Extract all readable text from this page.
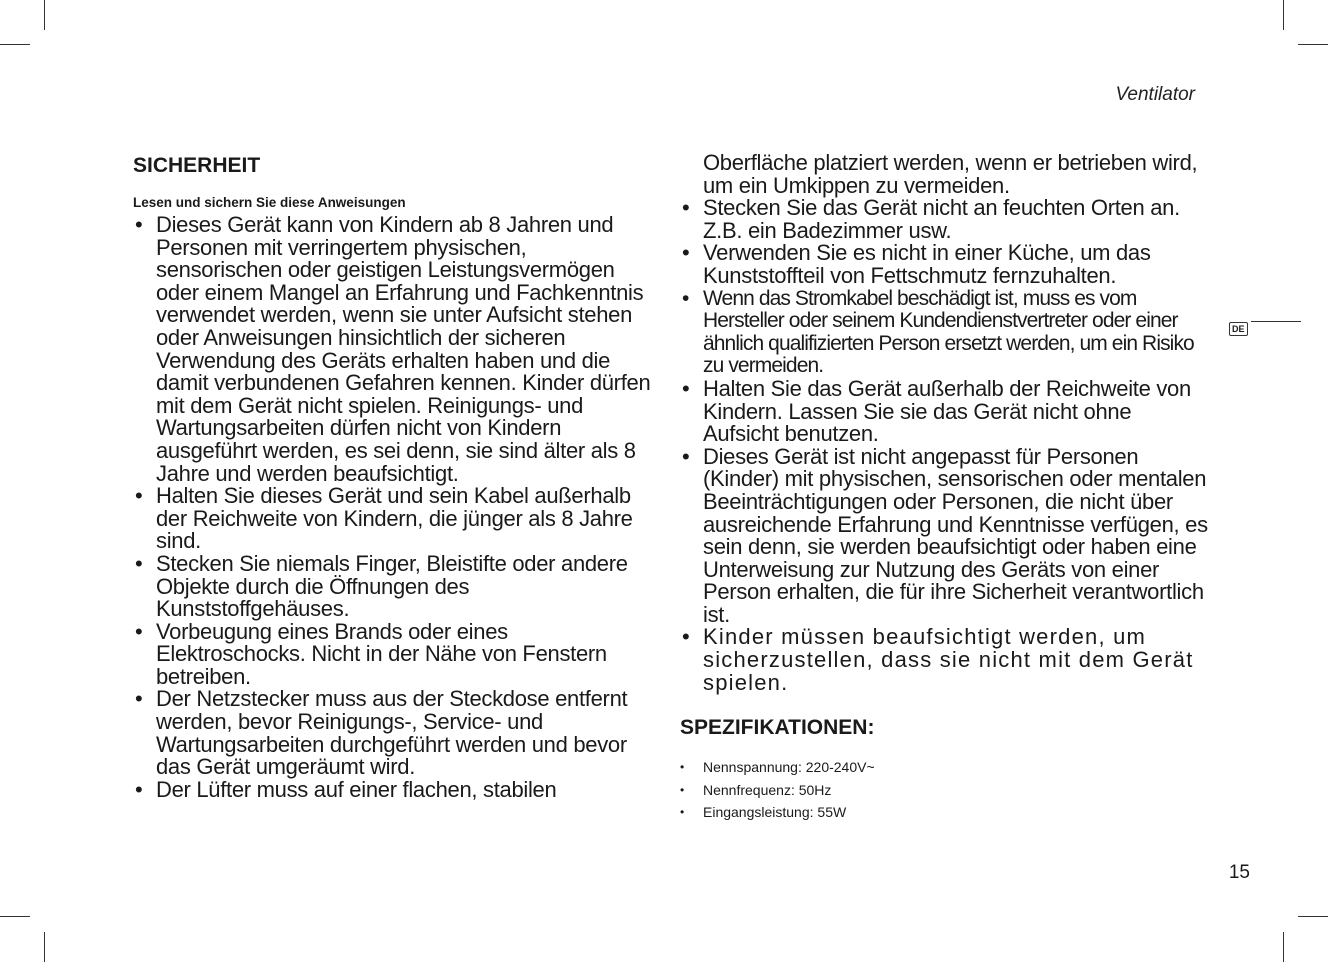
Ventilator
SICHERHEIT
Lesen und sichern Sie diese Anweisungen
• Dieses Gerät kann von Kindern ab 8 Jahren und Personen mit verringertem physischen, sensorischen oder geistigen Leistungsvermögen oder einem Mangel an Erfahrung und Fachkenntnis verwendet werden, wenn sie unter Aufsicht stehen oder Anweisungen hinsichtlich der sicheren Verwendung des Geräts erhalten haben und die damit verbundenen Gefahren kennen. Kinder dürfen mit dem Gerät nicht spielen. Reinigungs- und Wartungsarbeiten dürfen nicht von Kindern ausgeführt werden, es sei denn, sie sind älter als 8 Jahre und werden beaufsichtigt.
• Halten Sie dieses Gerät und sein Kabel außerhalb der Reichweite von Kindern, die jünger als 8 Jahre sind.
• Stecken Sie niemals Finger, Bleistifte oder andere Objekte durch die Öffnungen des Kunststoffgehäuses.
• Vorbeugung eines Brands oder eines Elektroschocks. Nicht in der Nähe von Fenstern betreiben.
• Der Netzstecker muss aus der Steckdose entfernt werden, bevor Reinigungs-, Service- und Wartungsarbeiten durchgeführt werden und bevor das Gerät umgeräumt wird.
• Der Lüfter muss auf einer flachen, stabilen
Oberfläche platziert werden, wenn er betrieben wird, um ein Umkippen zu vermeiden.
• Stecken Sie das Gerät nicht an feuchten Orten an. Z.B. ein Badezimmer usw.
• Verwenden Sie es nicht in einer Küche, um das Kunststoffteil von Fettschmutz fernzuhalten.
• Wenn das Stromkabel beschädigt ist, muss es vom Hersteller oder seinem Kundendienstvertreter oder einer ähnlich qualifizierten Person ersetzt werden, um ein Risiko zu vermeiden.
• Halten Sie das Gerät außerhalb der Reichweite von Kindern. Lassen Sie sie das Gerät nicht ohne Aufsicht benutzen.
• Dieses Gerät ist nicht angepasst für Personen (Kinder) mit physischen, sensorischen oder mentalen Beeinträchtigungen oder Personen, die nicht über ausreichende Erfahrung und Kenntnisse verfügen, es sein denn, sie werden beaufsichtigt oder haben eine Unterweisung zur Nutzung des Geräts von einer Person erhalten, die für ihre Sicherheit verantwortlich ist.
• Kinder müssen beaufsichtigt werden, um sicherzustellen, dass sie nicht mit dem Gerät spielen.
SPEZIFIKATIONEN:
• Nennspannung: 220-240V~
• Nennfrequenz: 50Hz
• Eingangsleistung: 55W
DE
15
